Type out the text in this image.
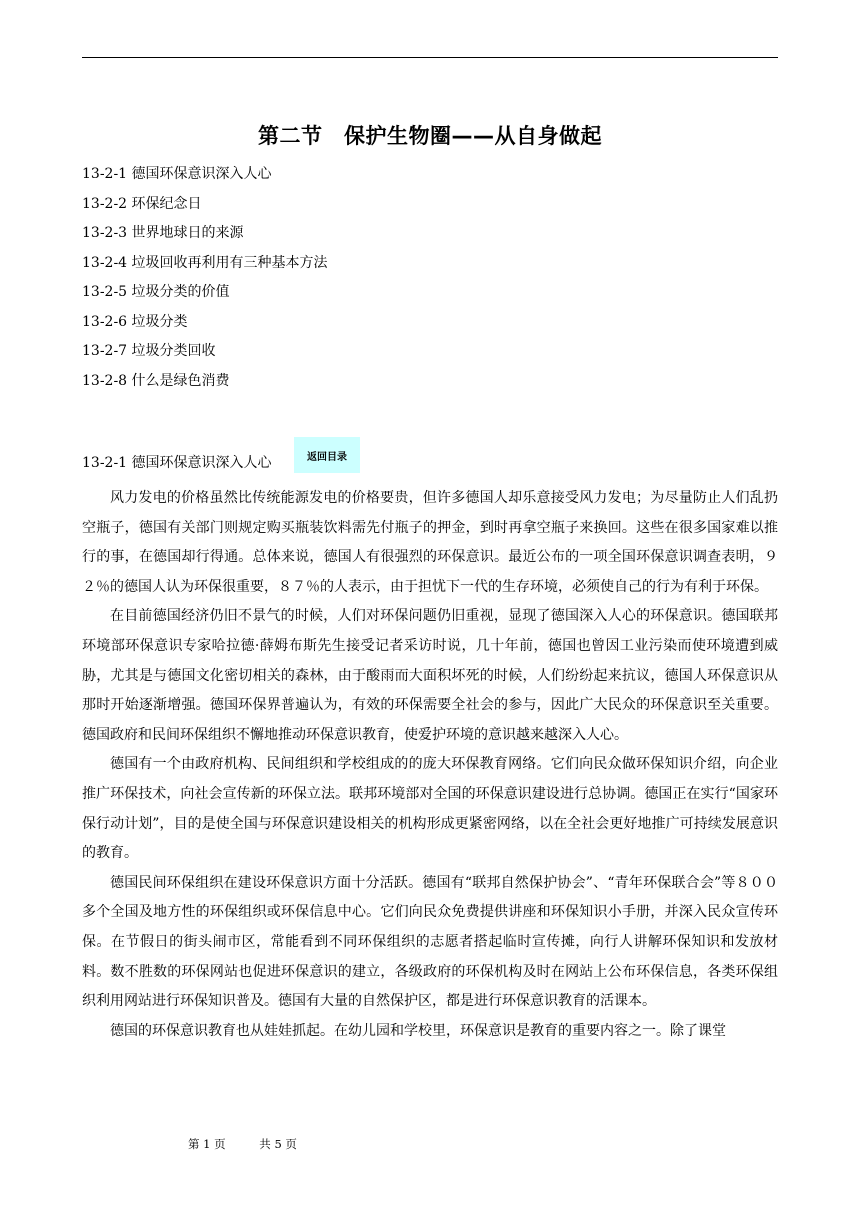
第二节　保护生物圈——从自身做起
13-2-1 德国环保意识深入人心
13-2-2 环保纪念日
13-2-3 世界地球日的来源
13-2-4 垃圾回收再利用有三种基本方法
13-2-5 垃圾分类的价值
13-2-6 垃圾分类
13-2-7 垃圾分类回收
13-2-8 什么是绿色消费
13-2-1 德国环保意识深入人心	返回目录

风力发电的价格虽然比传统能源发电的价格要贵，但许多德国人却乐意接受风力发电；为尽量防止人们乱扔空瓶子，德国有关部门则规定购买瓶装饮料需先付瓶子的押金，到时再拿空瓶子来换回。这些在很多国家难以推行的事，在德国却行得通。总体来说，德国人有很强烈的环保意识。最近公布的一项全国环保意识调查表明，９２％的德国人认为环保很重要，８７％的人表示，由于担忧下一代的生存环境，必须使自己的行为有利于环保。

在目前德国经济仍旧不景气的时候，人们对环保问题仍旧重视，显现了德国深入人心的环保意识。德国联邦环境部环保意识专家哈拉德·薛姆布斯先生接受记者采访时说，几十年前，德国也曾因工业污染而使环境遭到威胁，尤其是与德国文化密切相关的森林，由于酸雨而大面积坏死的时候，人们纷纷起来抗议，德国人环保意识从那时开始逐渐增强。德国环保界普遍认为，有效的环保需要全社会的参与，因此广大民众的环保意识至关重要。德国政府和民间环保组织不懈地推动环保意识教育，使爱护环境的意识越来越深入人心。

德国有一个由政府机构、民间组织和学校组成的的庞大环保教育网络。它们向民众做环保知识介绍，向企业推广环保技术，向社会宣传新的环保立法。联邦环境部对全国的环保意识建设进行总协调。德国正在实行“国家环保行动计划”，目的是使全国与环保意识建设相关的机构形成更紧密网络，以在全社会更好地推广可持续发展意识的教育。

德国民间环保组织在建设环保意识方面十分活跃。德国有“联邦自然保护协会”、“青年环保联合会”等８００多个全国及地方性的环保组织或环保信息中心。它们向民众免费提供讲座和环保知识小手册，并深入民众宣传环保。在节假日的街头闹市区，常能看到不同环保组织的志愿者搭起临时宣传摊，向行人讲解环保知识和发放材料。数不胜数的环保网站也促进环保意识的建立，各级政府的环保机构及时在网站上公布环保信息，各类环保组织利用网站进行环保知识普及。德国有大量的自然保护区，都是进行环保意识教育的活课本。

德国的环保意识教育也从娃娃抓起。在幼儿园和学校里，环保意识是教育的重要内容之一。除了课堂

第 1 页	共 5 页
